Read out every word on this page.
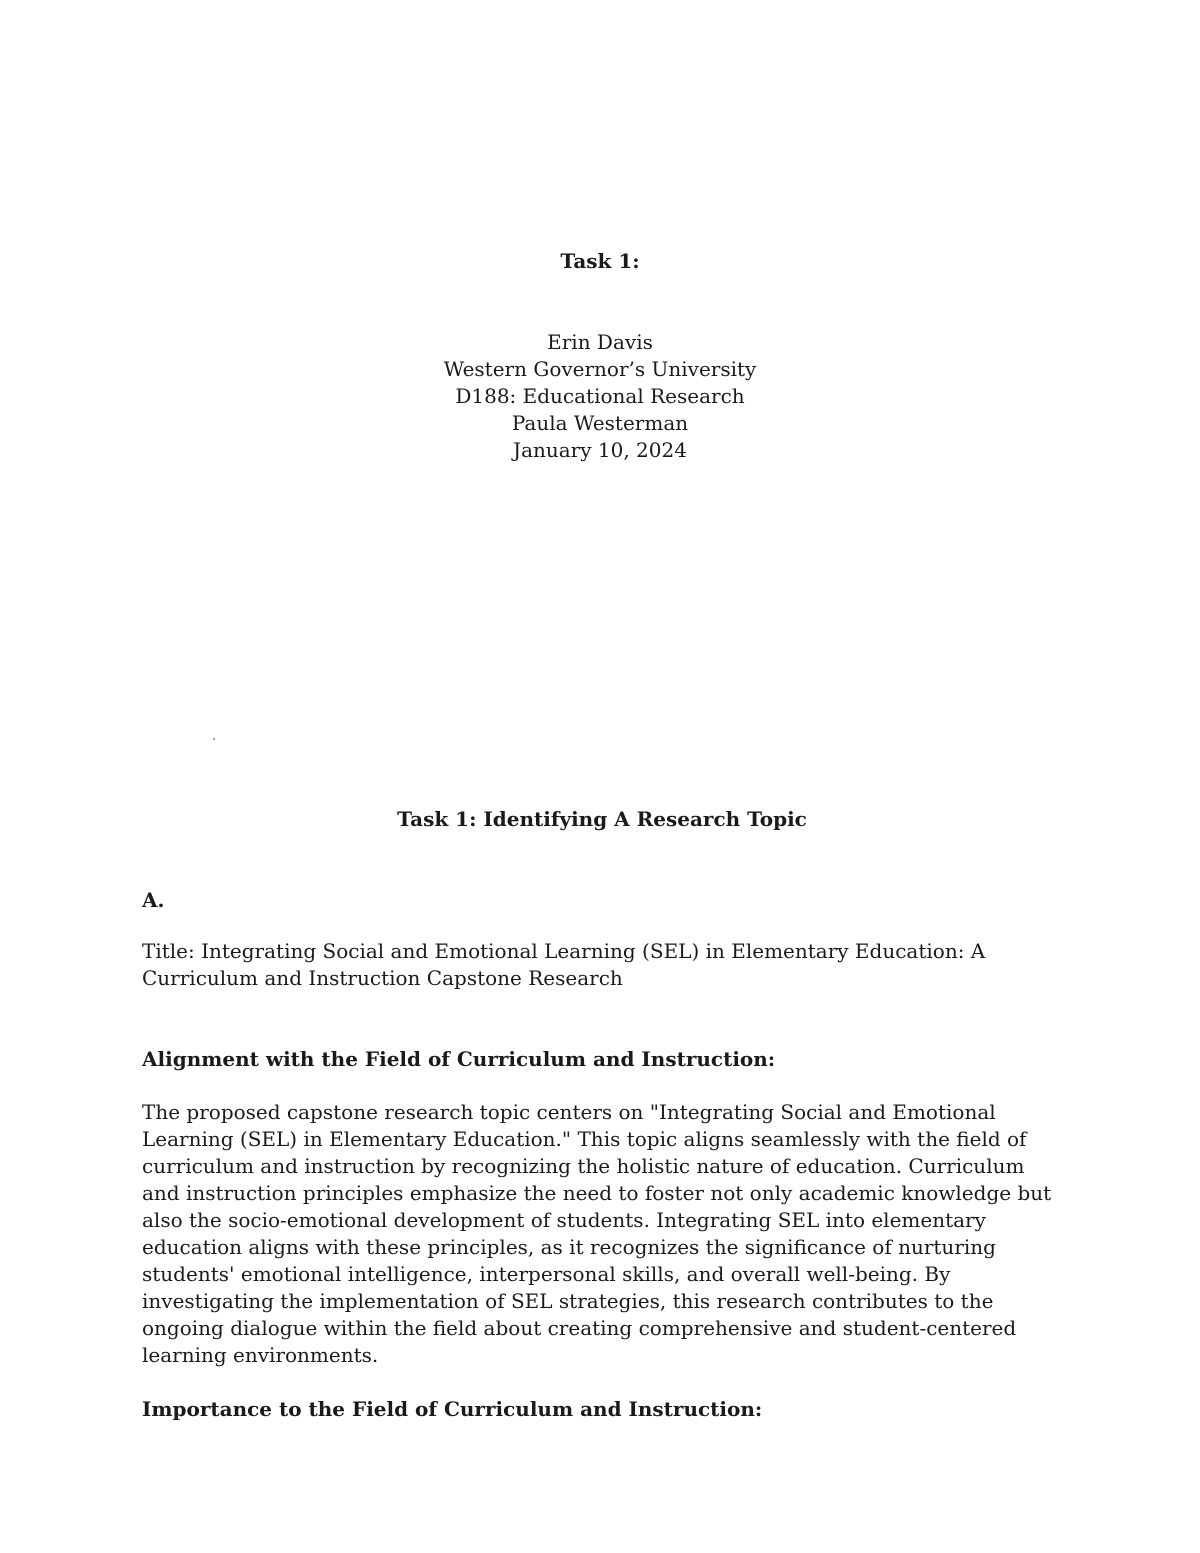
Task 1:

Erin Davis
Western Governor’s University
D188: Educational Research
Paula Westerman
January 10, 2024

Task 1: Identifying A Research Topic

A.

Title: Integrating Social and Emotional Learning (SEL) in Elementary Education: A Curriculum and Instruction Capstone Research

Alignment with the Field of Curriculum and Instruction:

The proposed capstone research topic centers on "Integrating Social and Emotional Learning (SEL) in Elementary Education." This topic aligns seamlessly with the field of curriculum and instruction by recognizing the holistic nature of education. Curriculum and instruction principles emphasize the need to foster not only academic knowledge but also the socio-emotional development of students. Integrating SEL into elementary education aligns with these principles, as it recognizes the significance of nurturing students' emotional intelligence, interpersonal skills, and overall well-being. By investigating the implementation of SEL strategies, this research contributes to the ongoing dialogue within the field about creating comprehensive and student-centered learning environments.

Importance to the Field of Curriculum and Instruction:
